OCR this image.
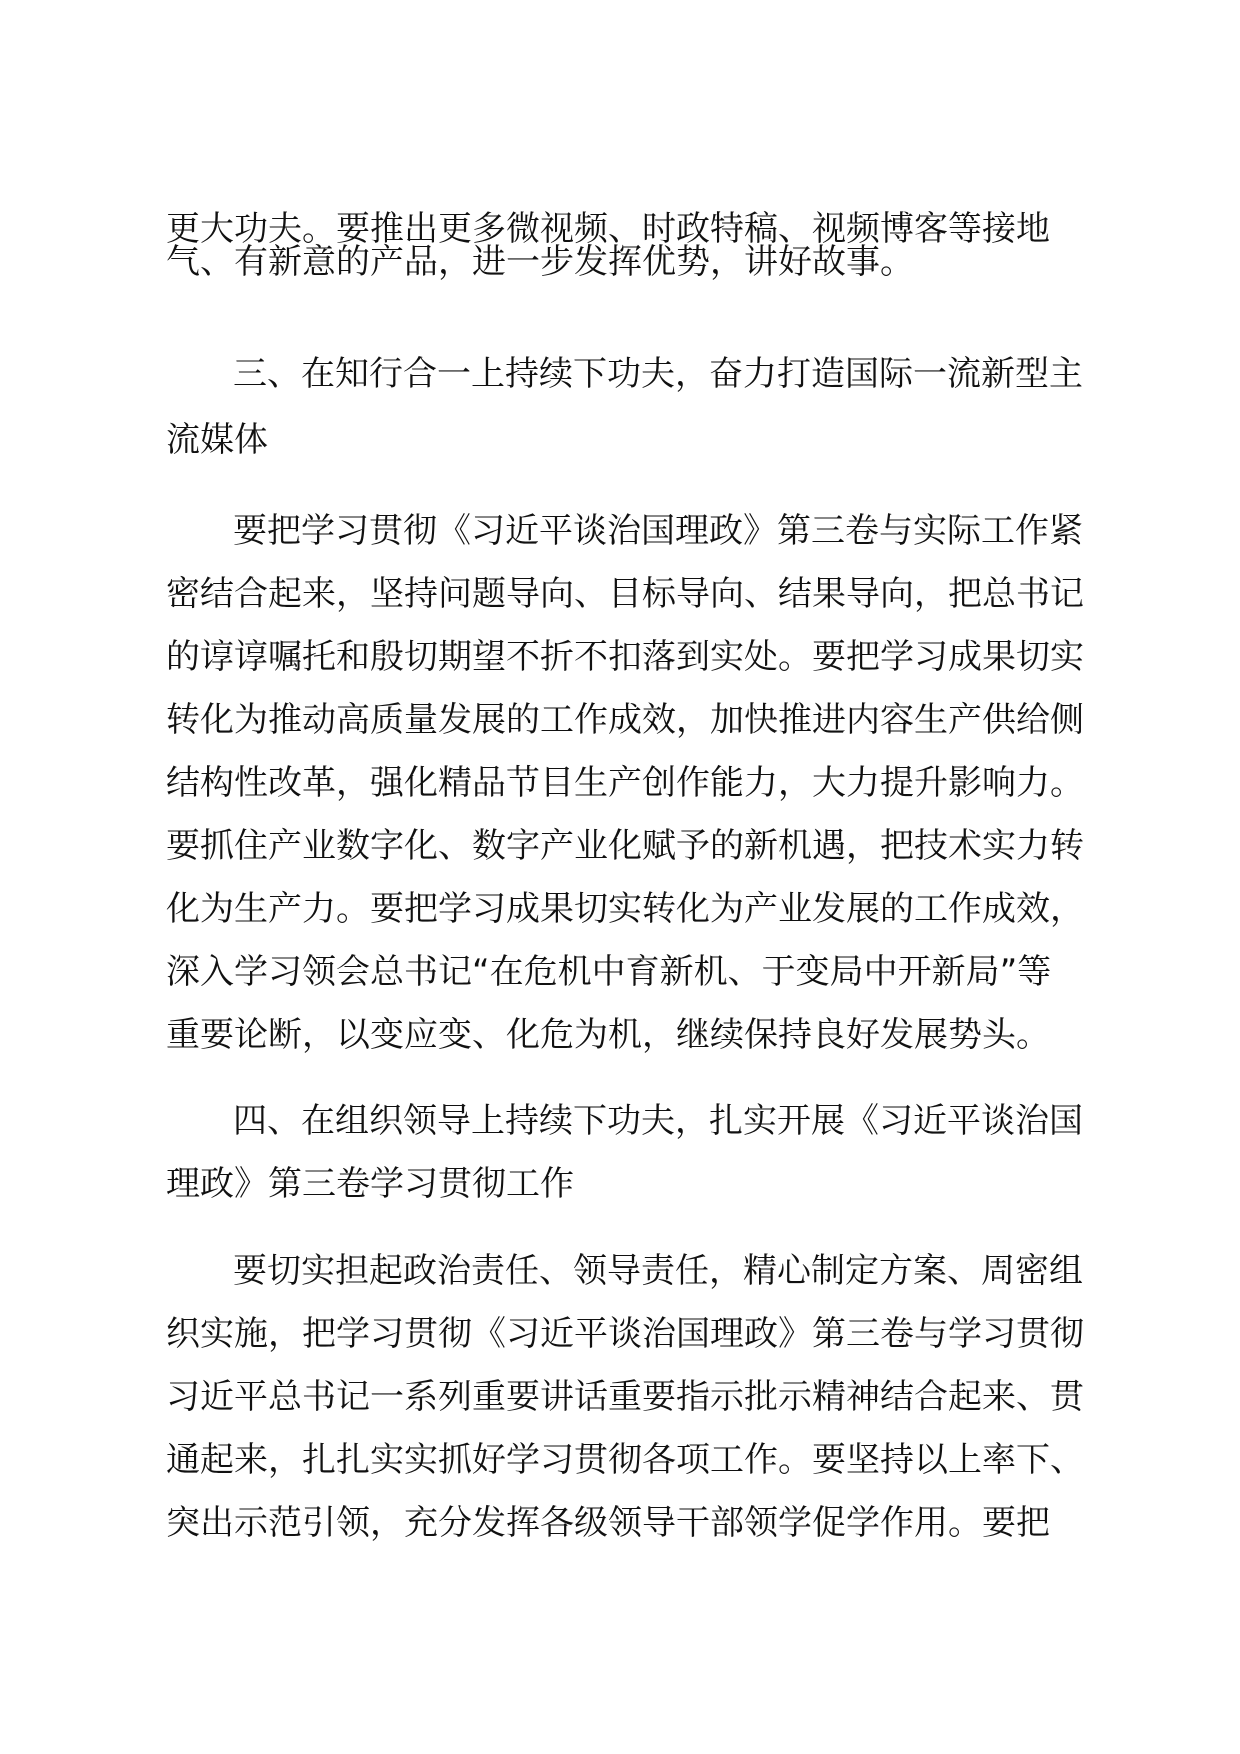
更大功夫。要推出更多微视频、时政特稿、视频博客等接地
气、有新意的产品，进一步发挥优势，讲好故事。
三、在知行合一上持续下功夫，奋力打造国际一流新型主
流媒体
要把学习贯彻《习近平谈治国理政》第三卷与实际工作紧
密结合起来，坚持问题导向、目标导向、结果导向，把总书记
的谆谆嘱托和殷切期望不折不扣落到实处。要把学习成果切实
转化为推动高质量发展的工作成效，加快推进内容生产供给侧
结构性改革，强化精品节目生产创作能力，大力提升影响力。
要抓住产业数字化、数字产业化赋予的新机遇，把技术实力转
化为生产力。要把学习成果切实转化为产业发展的工作成效，
深入学习领会总书记“在危机中育新机、于变局中开新局”等
重要论断，以变应变、化危为机，继续保持良好发展势头。
四、在组织领导上持续下功夫，扎实开展《习近平谈治国
理政》第三卷学习贯彻工作
要切实担起政治责任、领导责任，精心制定方案、周密组
织实施，把学习贯彻《习近平谈治国理政》第三卷与学习贯彻
习近平总书记一系列重要讲话重要指示批示精神结合起来、贯
通起来，扎扎实实抓好学习贯彻各项工作。要坚持以上率下、
突出示范引领，充分发挥各级领导干部领学促学作用。要把
